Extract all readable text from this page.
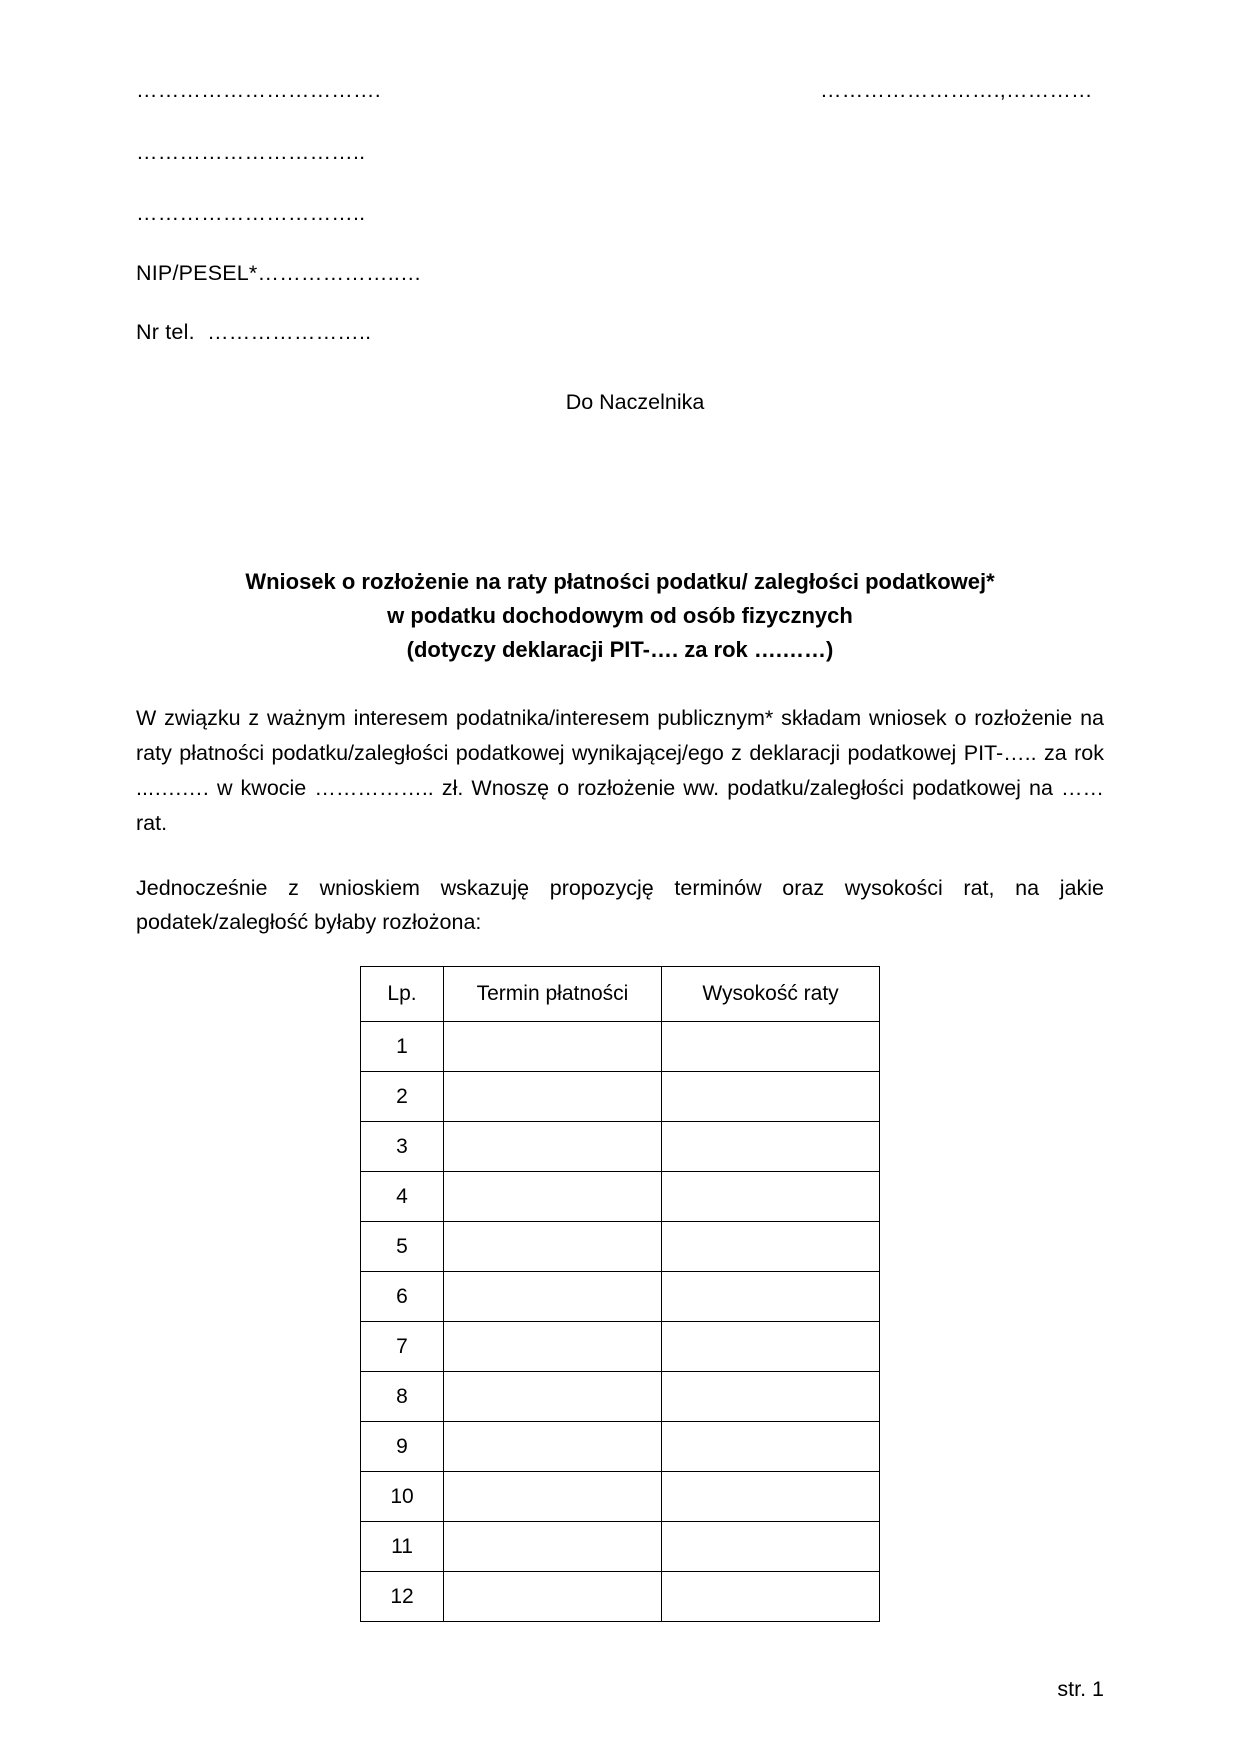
…………………………….	…………………….,…………
…………………………..
…………………………..
NIP/PESEL*………………..…
Nr tel.  …………………..
Do Naczelnika
Wniosek o rozłożenie na raty płatności podatku/ zaległości podatkowej*
w podatku dochodowym od osób fizycznych
(dotyczy deklaracji PIT-…. za rok ….……)
W związku z ważnym interesem podatnika/interesem publicznym* składam wniosek o rozłożenie na raty płatności podatku/zaległości podatkowej wynikającej/ego z deklaracji podatkowej PIT-….. za rok ...….…. w kwocie …………….. zł. Wnoszę o rozłożenie ww. podatku/zaległości podatkowej na …… rat.
Jednocześnie z wnioskiem wskazuję propozycję terminów oraz wysokości rat, na jakie podatek/zaległość byłaby rozłożona:
Lp.	Termin płatności	Wysokość raty
1		
2		
3		
4		
5		
6		
7		
8		
9		
10		
11		
12		
str. 1
